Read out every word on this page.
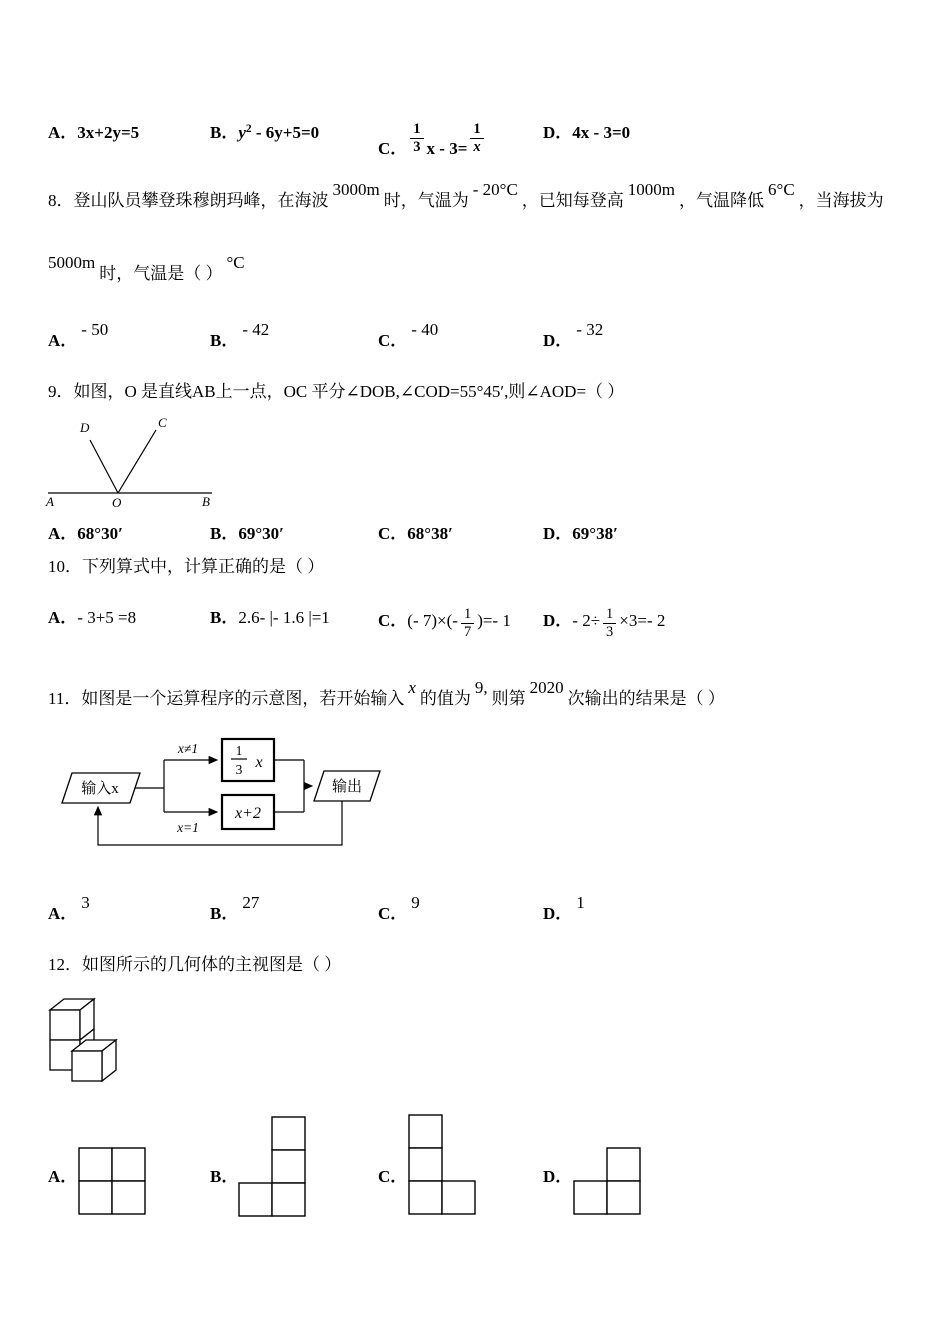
A．3x+2y=5	B．$y^2 - 6y+5=0$
C． $\frac{1}{3}$ $x - 3= \frac{1}{x}$	D．4x - 3=0
8．登山队员攀登珠穆朗玛峰，在海波3000m时，气温为- 20°C，已知每登高1000m，气温降低6°C，当海拔为
5000m时，气温是（ ）°C
A．- 50
B．- 42
C．- 40
D．- 32
9．如图，O 是直线AB上一点，OC 平分∠DOB,∠COD=55°45′,则∠AOD=（ ）
D	C
A	O	B
A．68°30′	B．69°30′	C．68°38′	D．69°38′
10．下列算式中，计算正确的是（ ）
A．- 3+5 =8	B．2.6- |- 1.6 |=1	C．(- $7)\times(- \frac{1}{7}$ )=- 1 D．- $2\div \frac{1}{3} \times 3=-$ 2
11．如图是一个运算程序的示意图，若开始输入x的值为9,则第2020次输出的结果是（ ）
输入x
x≠1
x=1
1
3 x
x+2
输出
A．3
B．27
C．9
D．1
12．如图所示的几何体的主视图是（ ）
A．	B．	C．	D．
